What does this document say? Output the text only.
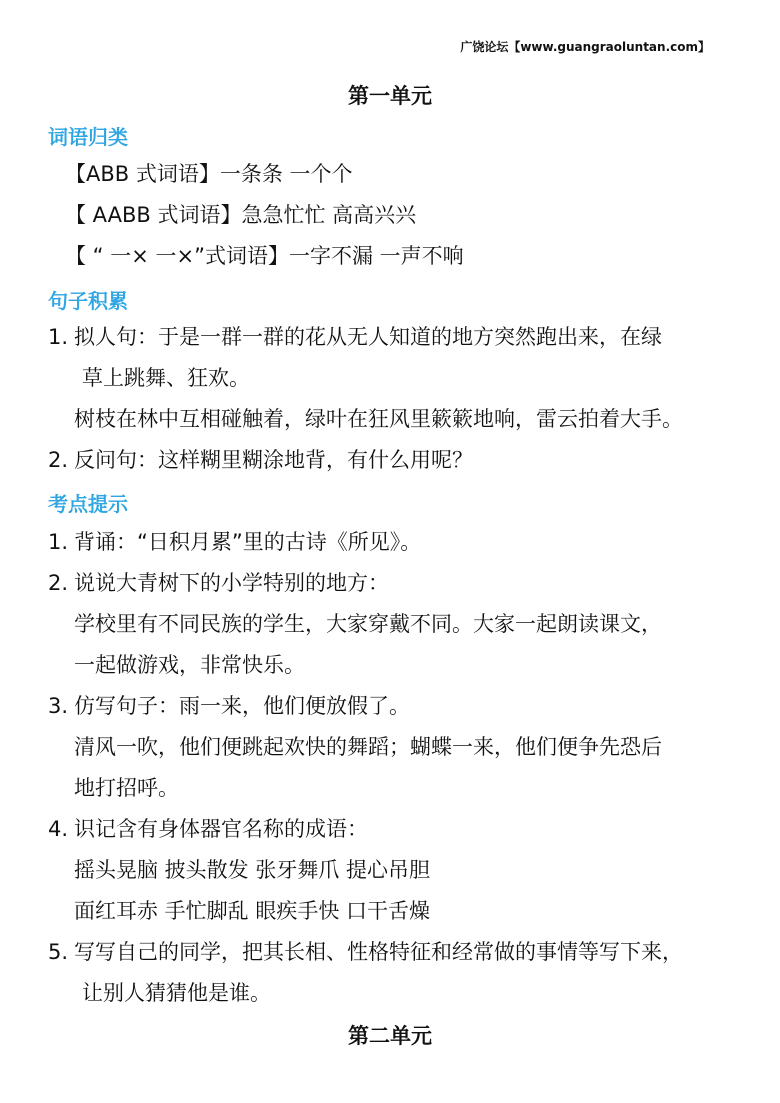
广饶论坛【www.guangraoluntan.com】
第一单元
词语归类
【ABB 式词语】一条条 一个个
【 AABB 式词语】急急忙忙 高高兴兴
【 “ 一× 一×”式词语】一字不漏 一声不响
句子积累
1. 拟人句：于是一群一群的花从无人知道的地方突然跑出来，在绿
草上跳舞、狂欢。
树枝在林中互相碰触着，绿叶在狂风里簌簌地响，雷云拍着大手。
2. 反问句：这样糊里糊涂地背，有什么用呢？
考点提示
1. 背诵：“日积月累”里的古诗《所见》。
2. 说说大青树下的小学特别的地方：
学校里有不同民族的学生，大家穿戴不同。大家一起朗读课文，
一起做游戏，非常快乐。
3. 仿写句子：雨一来，他们便放假了。
清风一吹，他们便跳起欢快的舞蹈；蝴蝶一来，他们便争先恐后
地打招呼。
4. 识记含有身体器官名称的成语：
摇头晃脑 披头散发 张牙舞爪 提心吊胆
面红耳赤 手忙脚乱 眼疾手快 口干舌燥
5. 写写自己的同学，把其长相、性格特征和经常做的事情等写下来，
让别人猜猜他是谁。
第二单元
